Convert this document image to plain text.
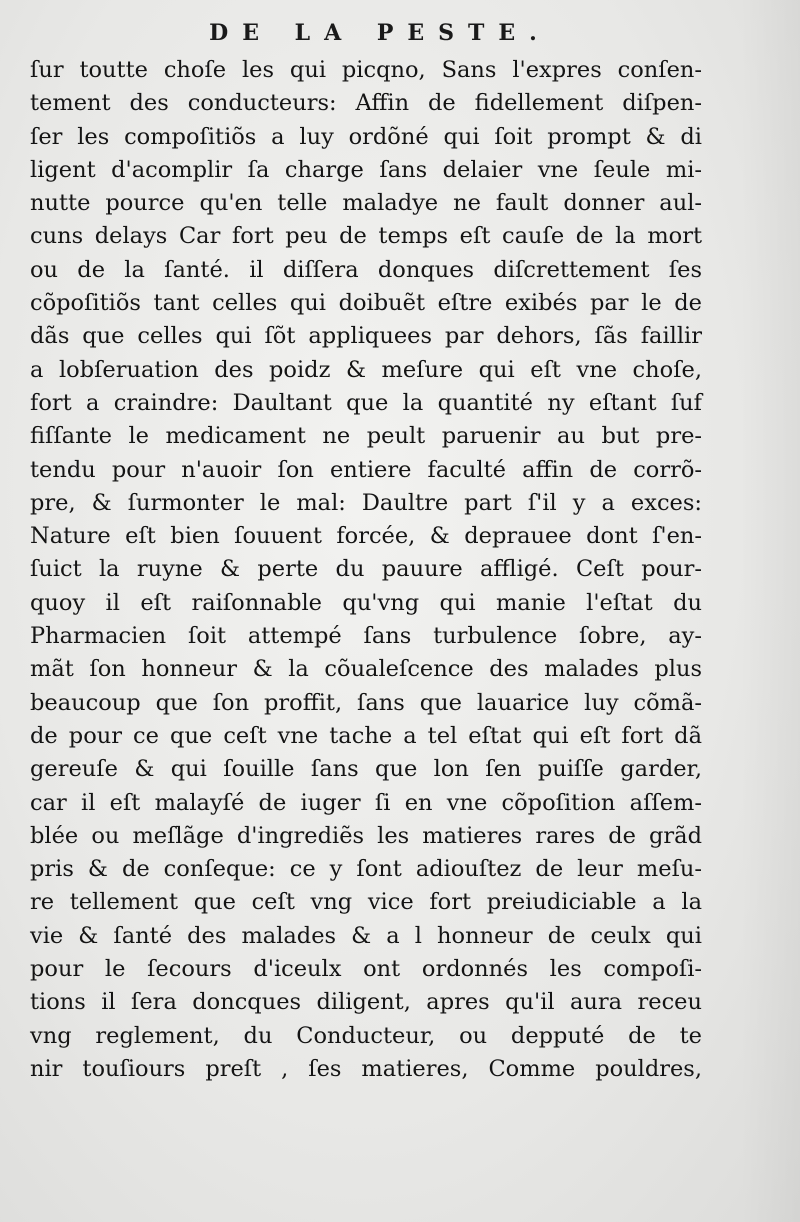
DE LA PESTE.
ſur toutte choſe les qui picqno, Sans l'expres conſen-
tement des conducteurs: Affin de fidellement diſpen-
ſer les compoſitiõs a luy ordõné qui ſoit prompt & di
ligent d'acomplir ſa charge ſans delaier vne ſeule mi-
nutte pource qu'en telle maladye ne fault donner aul-
cuns delays Car fort peu de temps eſt cauſe de la mort
ou de la ſanté. il diſſera donques diſcrettement ſes
cõpoſitiõs tant celles qui doibuẽt eſtre exibés par le de
dãs que celles qui ſõt appliquees par dehors, ſãs faillir
a lobſeruation des poidz & meſure qui eſt vne choſe,
fort a craindre: Daultant que la quantité ny eſtant ſuf
fiſſante le medicament ne peult paruenir au but pre-
tendu pour n'auoir ſon entiere faculté affin de corrõ-
pre, & ſurmonter le mal: Daultre part ſ'il y a exces:
Nature eſt bien ſouuent forcée, & deprauee dont ſ'en-
ſuict la ruyne & perte du pauure affligé. Ceſt pour-
quoy il eſt raiſonnable qu'vng qui manie l'eſtat du
Pharmacien ſoit attempé ſans turbulence ſobre, ay-
mãt ſon honneur & la cõualeſcence des malades plus
beaucoup que ſon proffit, ſans que lauarice luy cõmã-
de pour ce que ceſt vne tache a tel eſtat qui eſt fort dã
gereuſe & qui ſouille ſans que lon ſen puiſſe garder,
car il eſt malayſé de iuger ſi en vne cõpoſition aſſem-
blée ou meſlãge d'ingrediẽs les matieres rares de grãd
pris & de conſeque: ce y ſont adiouſtez de leur meſu-
re tellement que ceſt vng vice fort preiudiciable a la
vie & ſanté des malades & a l honneur de ceulx qui
pour le ſecours d'iceulx ont ordonnés les compoſi-
tions il ſera doncques diligent, apres qu'il aura receu
vng reglement, du Conducteur, ou depputé de te
nir touſiours preſt , ſes matieres, Comme pouldres,
